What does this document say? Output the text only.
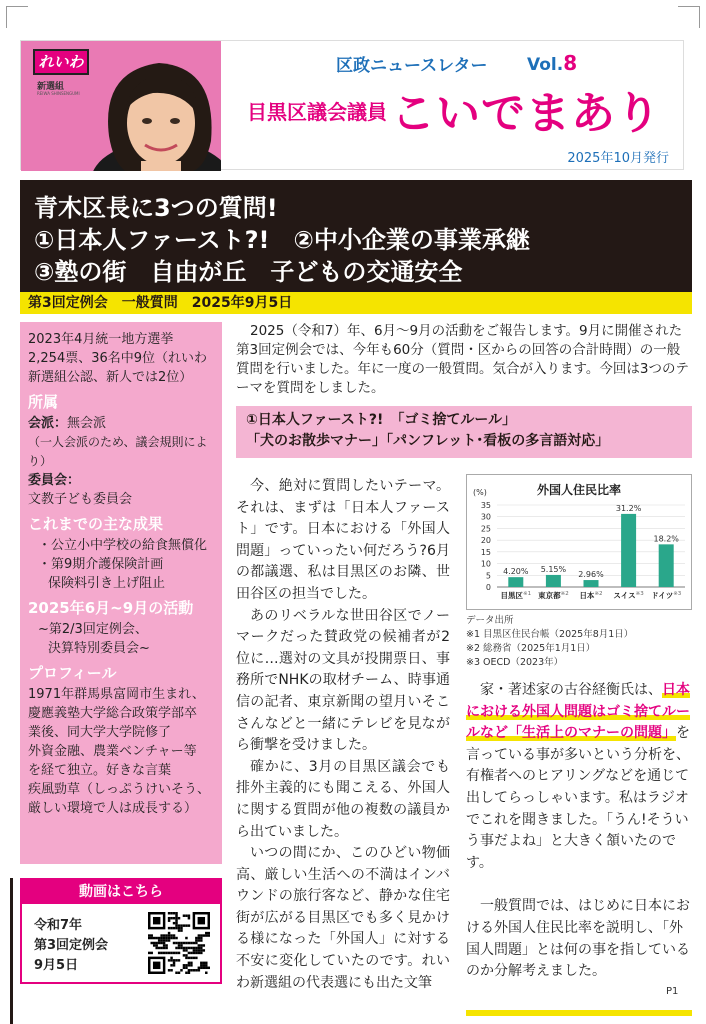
れいわ
新選組
REIWA SHINSENGUMI
区政ニュースレター Vol.8
目黒区議会議員 こいでまあり
2025年10月発行
青木区長に3つの質問!
①日本人ファースト?!　②中小企業の事業承継
③塾の街　自由が丘　子どもの交通安全
第3回定例会　一般質問　2025年9月5日
2023年4月統一地方選挙
2,254票、36名中9位（れいわ
新選組公認、新人では2位）
所属
会派：無会派
（一人会派のため、議会規則により）
委員会：
文教子ども委員会
これまでの主な成果
・公立小中学校の給食無償化
・第9期介護保険計画
保険料引き上げ阻止
2025年6月~9月の活動
~第2/3回定例会、
決算特別委員会~
プロフィール
1971年群馬県富岡市生まれ、
慶應義塾大学総合政策学部卒
業後、同大学大学院修了
外資金融、農業ベンチャー等
を経て独立。好きな言葉
疾風勁草（しっぷうけいそう、
厳しい環境で人は成長する）
動画はこちら
令和7年
第3回定例会
9月5日
2025（令和7）年、6月～9月の活動をご報告します。9月に開催された第3回定例会では、今年も60分（質問・区からの回答の合計時間）の一般質問を行いました。年に一度の一般質問。気合が入ります。今回は3つのテーマを質問をしました。
①日本人ファースト?!　「ゴミ捨てルール」
「犬のお散歩マナー」「パンフレット･看板の多言語対応」

今、絶対に質問したいテーマ。それは、まずは「日本人ファースト」です。日本における「外国人問題」っていったい何だろう?6月の都議選、私は目黒区のお隣、世田谷区の担当でした。

あのリベラルな世田谷区でノーマークだった賛政党の候補者が2位に…選対の文具が投開票日、事務所でNHKの取材チーム、時事通信の記者、東京新聞の望月いそこさんなどと一緒にテレビを見ながら衝撃を受けました。

確かに、3月の目黒区議会でも排外主義的にも聞こえる、外国人に関する質問が他の複数の議員から出ていました。

いつの間にか、このひどい物価高、厳しい生活への不満はインバウンドの旅行客など、静かな住宅街が広がる目黒区でも多く見かける様になった「外国人」に対する不安に変化していたのです。れいわ新選組の代表選にも出た文筆

外国人住民比率
(%)
0
5
10
15
20
25
30
35
4.20%
目黒区$^{※1}$
5.15%
東京都$^{※2}$
2.96%
日本$^{※2}$
31.2%
スイス$^{※3}$
18.2%
ドイツ$^{※3}$
データ出所
※1 目黒区住民台帳（2025年8月1日）
※2 総務省（2025年1月1日）
※3 OECD（2023年）

家・著述家の古谷経衡氏は、日本における外国人問題はゴミ捨てルールなど「生活上のマナーの問題」を言っている事が多いという分析を、有権者へのヒアリングなどを通じて出してらっしゃいます。私はラジオでこれを聞きました。「うん!そういう事だよね」と大きく頷いたのです。

一般質問では、はじめに日本における外国人住民比率を説明し、「外国人問題」とは何の事を指しているのか分解考えました。

P1
